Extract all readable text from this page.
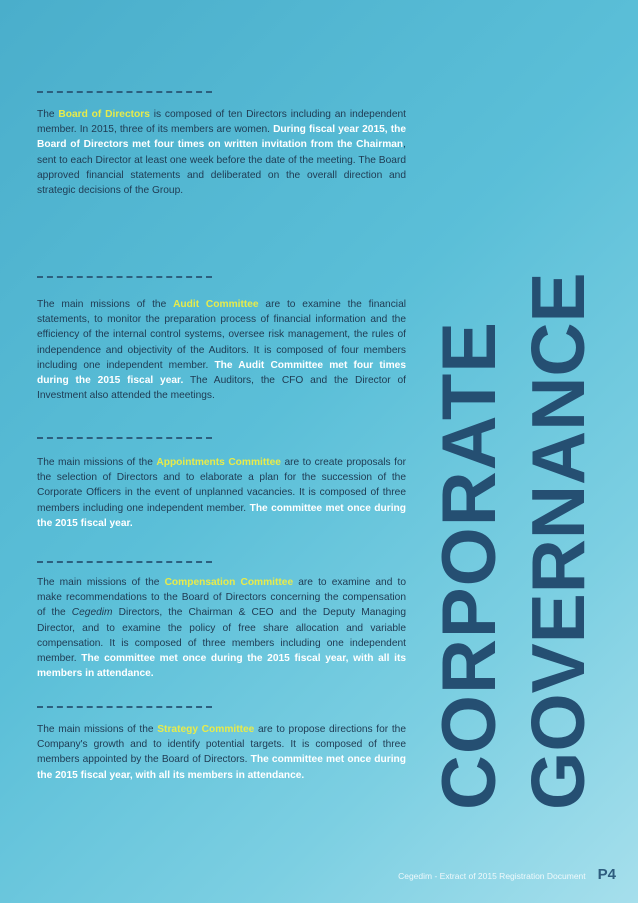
The Board of Directors is composed of ten Directors including an independent member. In 2015, three of its members are women. During fiscal year 2015, the Board of Directors met four times on written invitation from the Chairman, sent to each Director at least one week before the date of the meeting. The Board approved financial statements and deliberated on the overall direction and strategic decisions of the Group.

The main missions of the Audit Committee are to examine the financial statements, to monitor the preparation process of financial information and the efficiency of the internal control systems, oversee risk management, the rules of independence and objectivity of the Auditors. It is composed of four members including one independent member. The Audit Committee met four times during the 2015 fiscal year. The Auditors, the CFO and the Director of Investment also attended the meetings.

The main missions of the Appointments Committee are to create proposals for the selection of Directors and to elaborate a plan for the succession of the Corporate Officers in the event of unplanned vacancies. It is composed of three members including one independent member. The committee met once during the 2015 fiscal year.

The main missions of the Compensation Committee are to examine and to make recommendations to the Board of Directors concerning the compensation of the Cegedim Directors, the Chairman & CEO and the Deputy Managing Director, and to examine the policy of free share allocation and variable compensation. It is composed of three members including one independent member. The committee met once during the 2015 fiscal year, with all its members in attendance.

The main missions of the Strategy Committee are to propose directions for the Company's growth and to identify potential targets. It is composed of three members appointed by the Board of Directors. The committee met once during the 2015 fiscal year, with all its members in attendance.	CORPORATE GOVERNANCE
Cegedim - Extract of 2015 Registration Document P4
